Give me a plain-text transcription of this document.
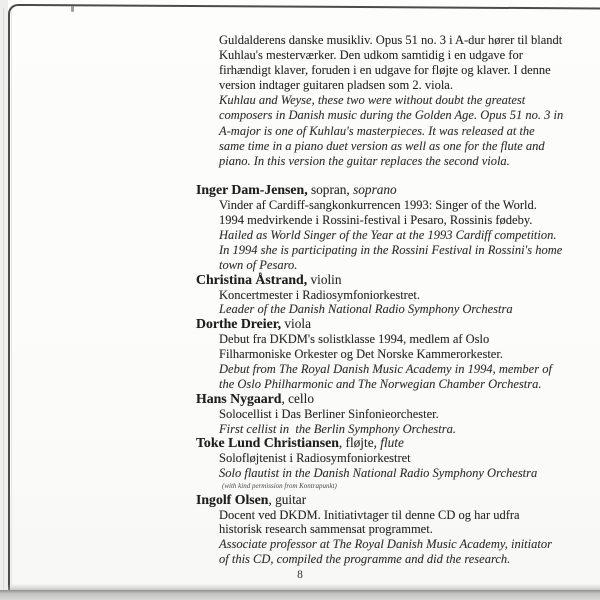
Guldalderens danske musikliv. Opus 51 no. 3 i A-dur hører til blandt
Kuhlau's mesterværker. Den udkom samtidig i en udgave for
firhændigt klaver, foruden i en udgave for fløjte og klaver. I denne
version indtager guitaren pladsen som 2. viola.
Kuhlau and Weyse, these two were without doubt the greatest
composers in Danish music during the Golden Age. Opus 51 no. 3 in
A-major is one of Kuhlau's masterpieces. It was released at the
same time in a piano duet version as well as one for the flute and
piano. In this version the guitar replaces the second viola.
Inger Dam-Jensen, sopran, soprano
Vinder af Cardiff-sangkonkurrencen 1993: Singer of the World.
1994 medvirkende i Rossini-festival i Pesaro, Rossinis fødeby.
Hailed as World Singer of the Year at the 1993 Cardiff competition.
In 1994 she is participating in the Rossini Festival in Rossini's home
town of Pesaro.
Christina Åstrand, violin
Koncertmester i Radiosymfoniorkestret.
Leader of the Danish National Radio Symphony Orchestra
Dorthe Dreier, viola
Debut fra DKDM's solistklasse 1994, medlem af Oslo
Filharmoniske Orkester og Det Norske Kammerorkester.
Debut from The Royal Danish Music Academy in 1994, member of
the Oslo Philharmonic and The Norwegian Chamber Orchestra.
Hans Nygaard, cello
Solocellist i Das Berliner Sinfonieorchester.
First cellist in  the Berlin Symphony Orchestra.
Toke Lund Christiansen, fløjte, flute
Solofløjtenist i Radiosymfoniorkestret
Solo flautist in the Danish National Radio Symphony Orchestra
(with kind permission from Kontrapunkt)
Ingolf Olsen, guitar
Docent ved DKDM. Initiativtager til denne CD og har udfra
historisk research sammensat programmet.
Associate professor at The Royal Danish Music Academy, initiator
of this CD, compiled the programme and did the research.
8
